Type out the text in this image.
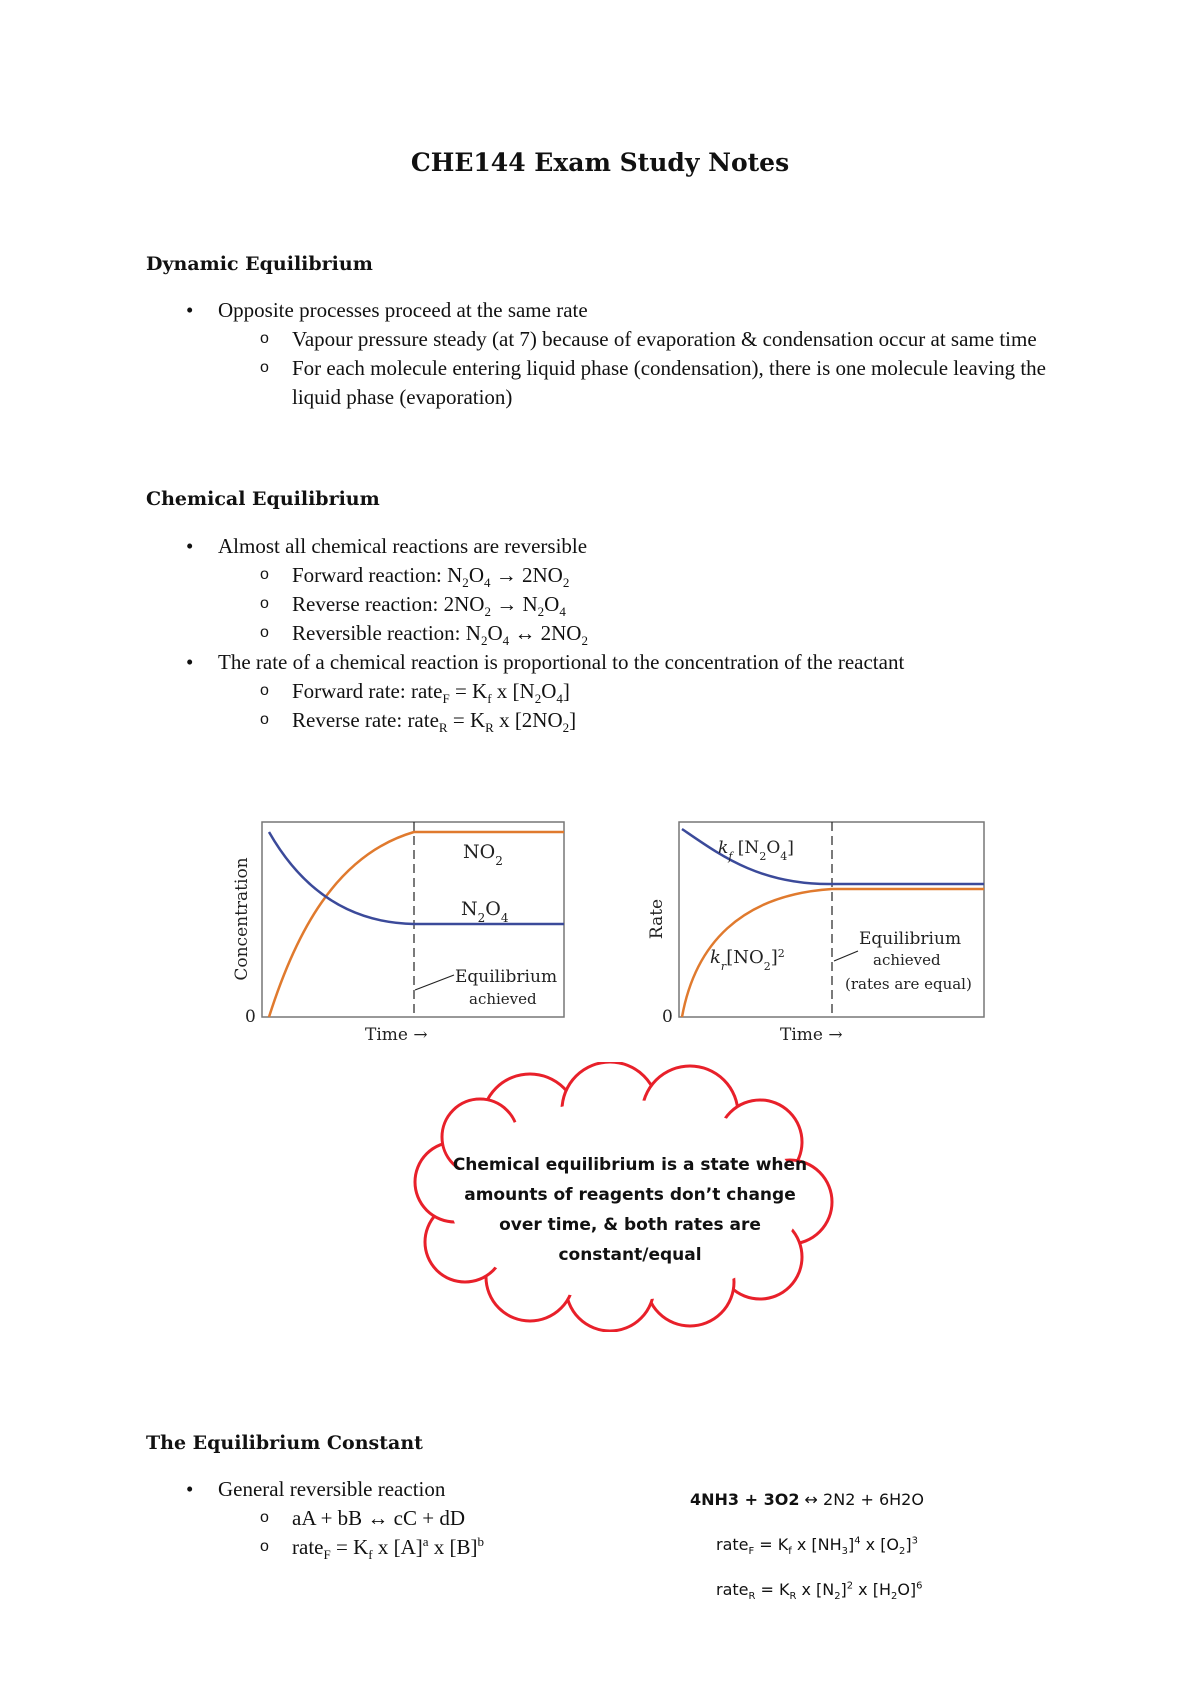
CHE144 Exam Study Notes
Dynamic Equilibrium
• Opposite processes proceed at the same rate
o Vapour pressure steady (at 7) because of evaporation & condensation occur at same time
o For each molecule entering liquid phase (condensation), there is one molecule leaving the liquid phase (evaporation)
Chemical Equilibrium
• Almost all chemical reactions are reversible
o Forward reaction: $N_2O_4 \to 2NO_2$
o Reverse reaction: $2NO_2 \to N_2O_4$
o Reversible reaction: $N_2O_4$ ↔ $2NO_2$
• The rate of a chemical reaction is proportional to the concentration of the reactant
o Forward rate: rate$_F$ = $K_f$ x $[N_2O_4]$
o Reverse rate: rate$_R$ = $K_R$ x $[2NO_2]$
$NO_2$
$N_2O_4$
Equilibrium
achieved
Concentration
0
Time →
$k_f$ $[N_2O_4]$
$k_r[NO_2]^2$
Equilibrium
achieved
(rates are equal)
Rate
0
Time →
Chemical equilibrium is a state when amounts of reagents don’t change over time, & both rates are constant/equal
The Equilibrium Constant
• General reversible reaction
o aA + bB ↔ cC + dD
o rate$_F$ = $K_f$ x $[A]^a$ x $[B]^b$
4NH3 + 3O2 ↔ 2N2 + 6H2O
rate$_F$ = $K_f$ x $[NH_3]^4$ x $[O_2]^3$
rate$_R$ = $K_R$ x $[N_2]^2$ x $[H_2O]^6$
